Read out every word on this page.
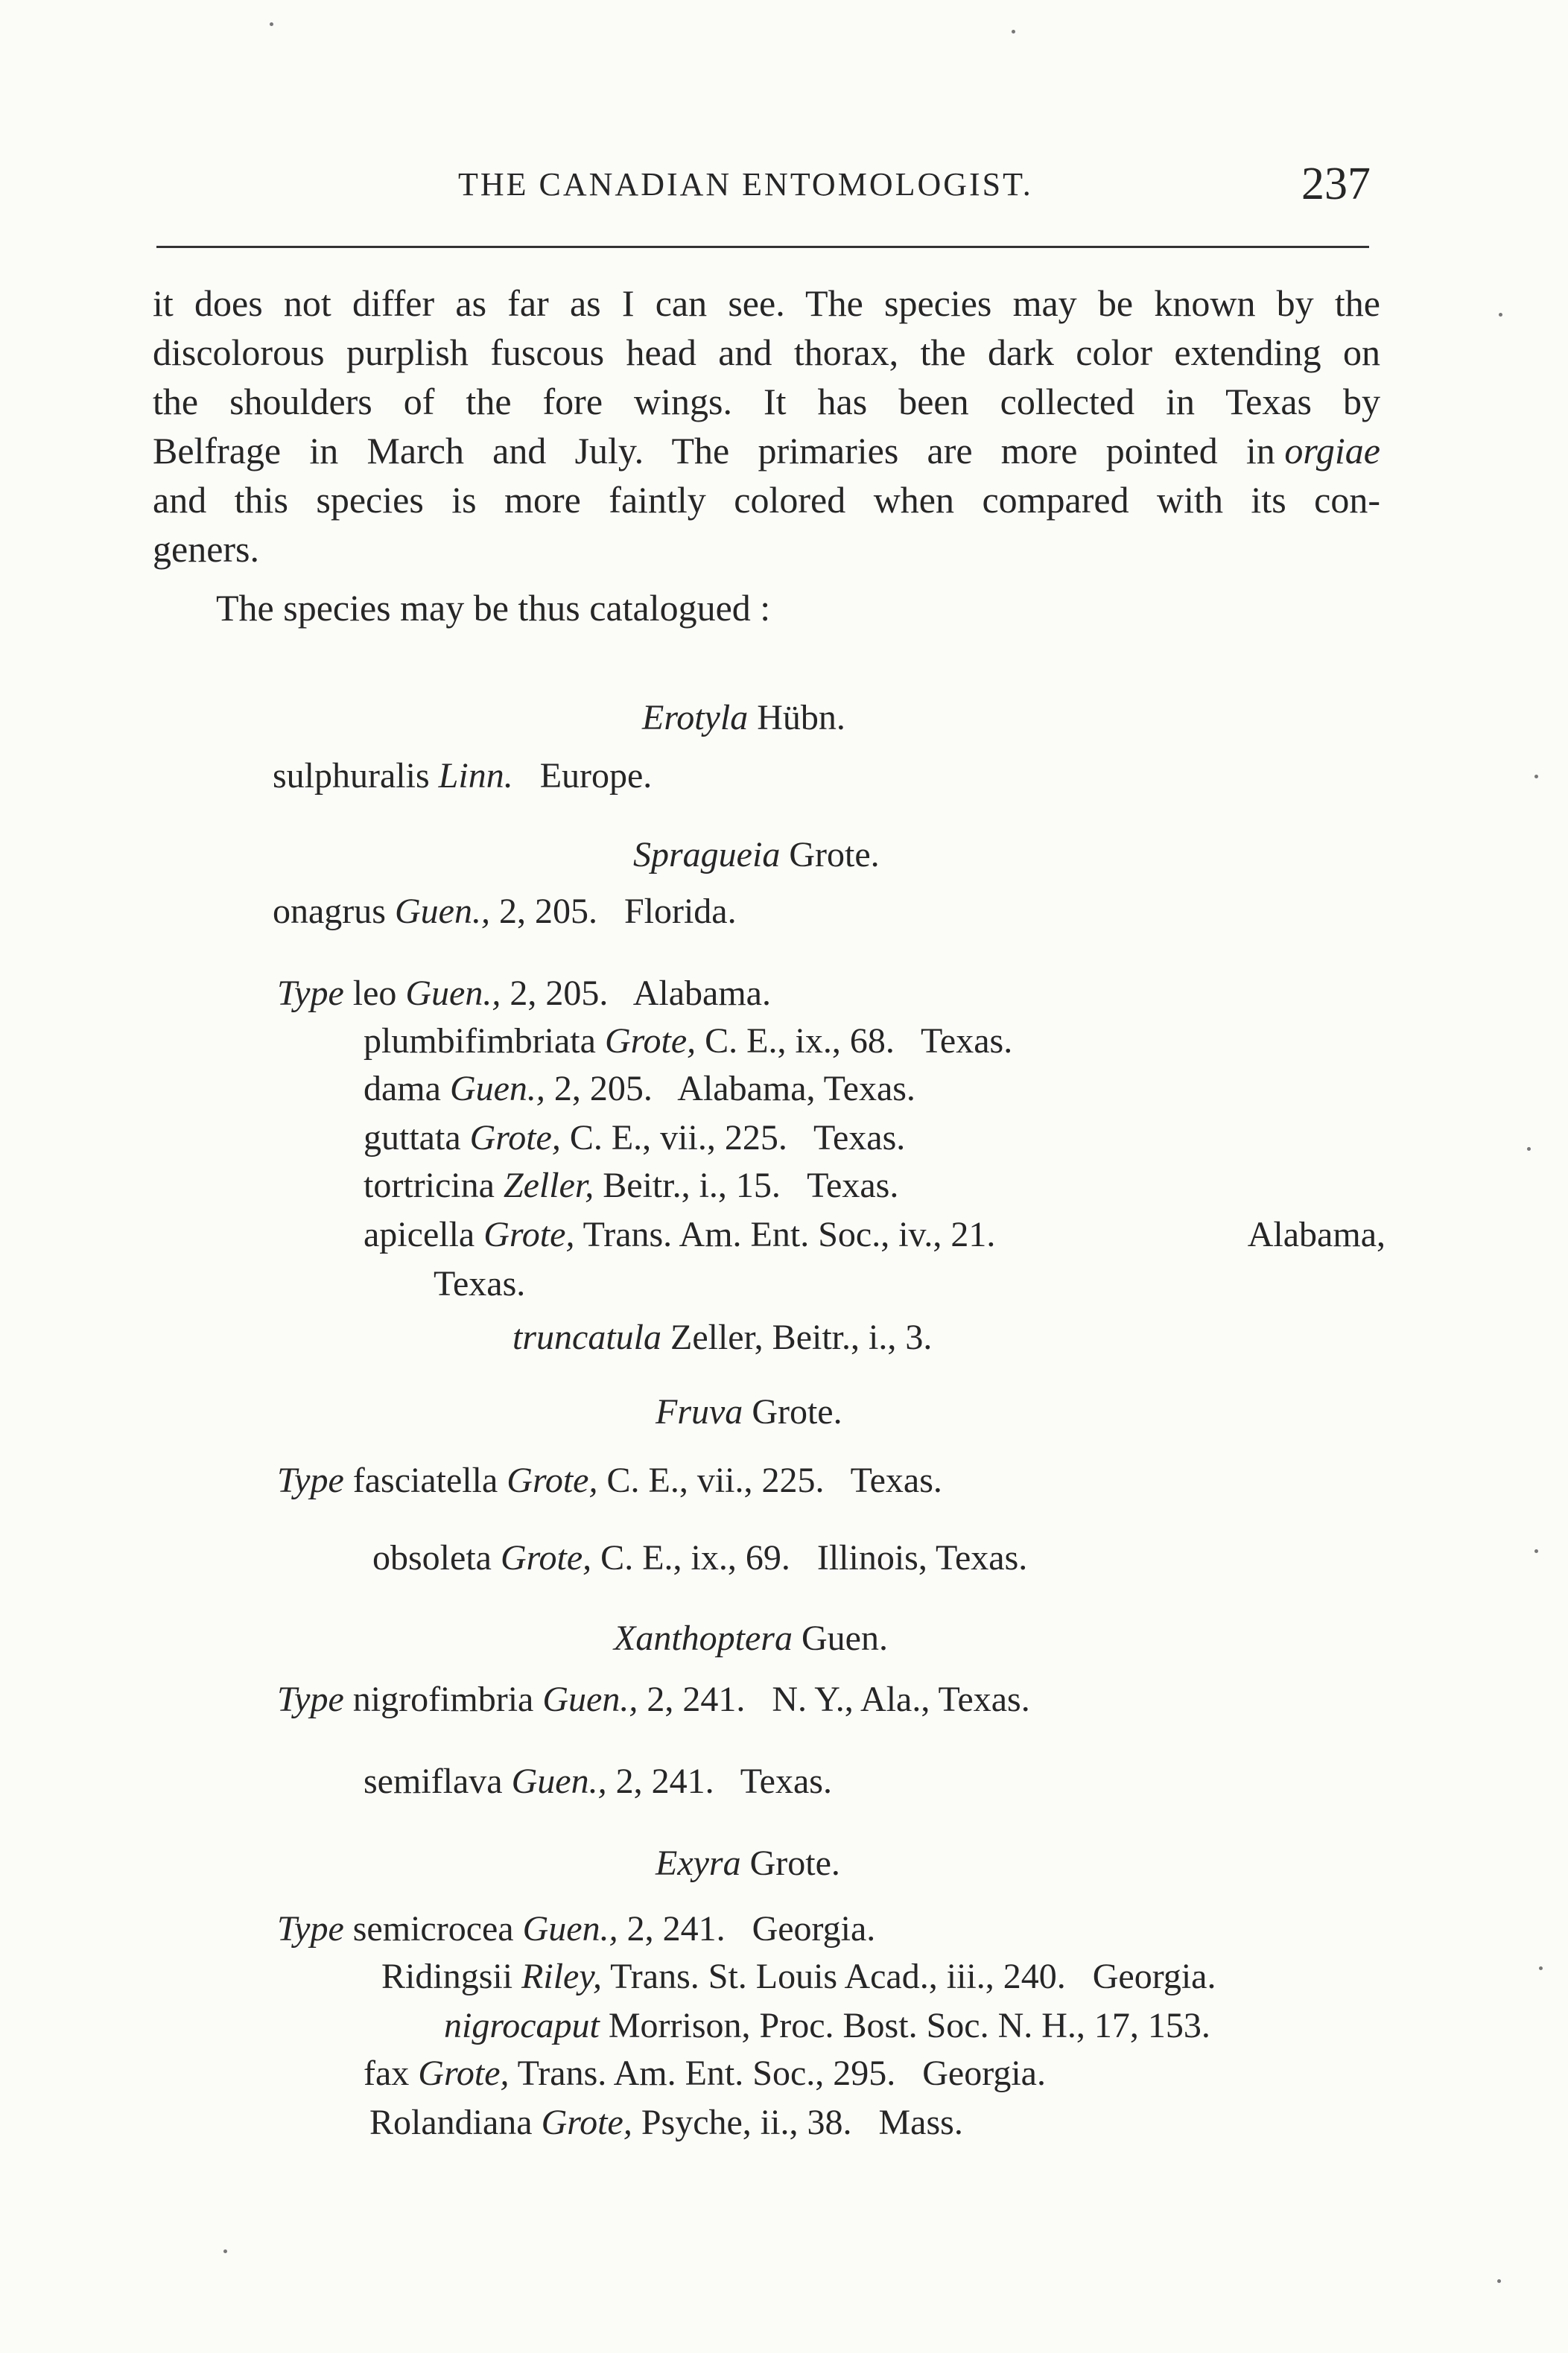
THE CANADIAN ENTOMOLOGIST.	237
it does not differ as far as I can see. The species may be known by the
discolorous purplish fuscous head and thorax, the dark color extending on
the shoulders of the fore wings. It has been collected in Texas by
Belfrage in March and July. The primaries are more pointed in
orgiae
and this species is more faintly colored when compared with its con-
geners.
The species may be thus catalogued :
Erotyla Hübn.
sulphuralis Linn. Europe.
Spragueia Grote.
onagrus Guen., 2, 205. Florida.
Type leo Guen., 2, 205. Alabama.
plumbifimbriata Grote, C. E., ix., 68. Texas.
dama Guen., 2, 205. Alabama, Texas.
guttata Grote, C. E., vii., 225. Texas.
tortricina Zeller, Beitr., i., 15. Texas.
apicella Grote, Trans. Am. Ent. Soc., iv., 21.	Alabama,
Texas.
truncatula Zeller, Beitr., i., 3.
Fruva Grote.
Type fasciatella Grote, C. E., vii., 225. Texas.
obsoleta Grote, C. E., ix., 69. Illinois, Texas.
Xanthoptera Guen.
Type nigrofimbria Guen., 2, 241. N. Y., Ala., Texas.
semiflava Guen., 2, 241. Texas.
Exyra Grote.
Type semicrocea Guen., 2, 241. Georgia.
Ridingsii Riley, Trans. St. Louis Acad., iii., 240. Georgia.
nigrocaput Morrison, Proc. Bost. Soc. N. H., 17, 153.
fax Grote, Trans. Am. Ent. Soc., 295. Georgia.
Rolandiana Grote, Psyche, ii., 38. Mass.
